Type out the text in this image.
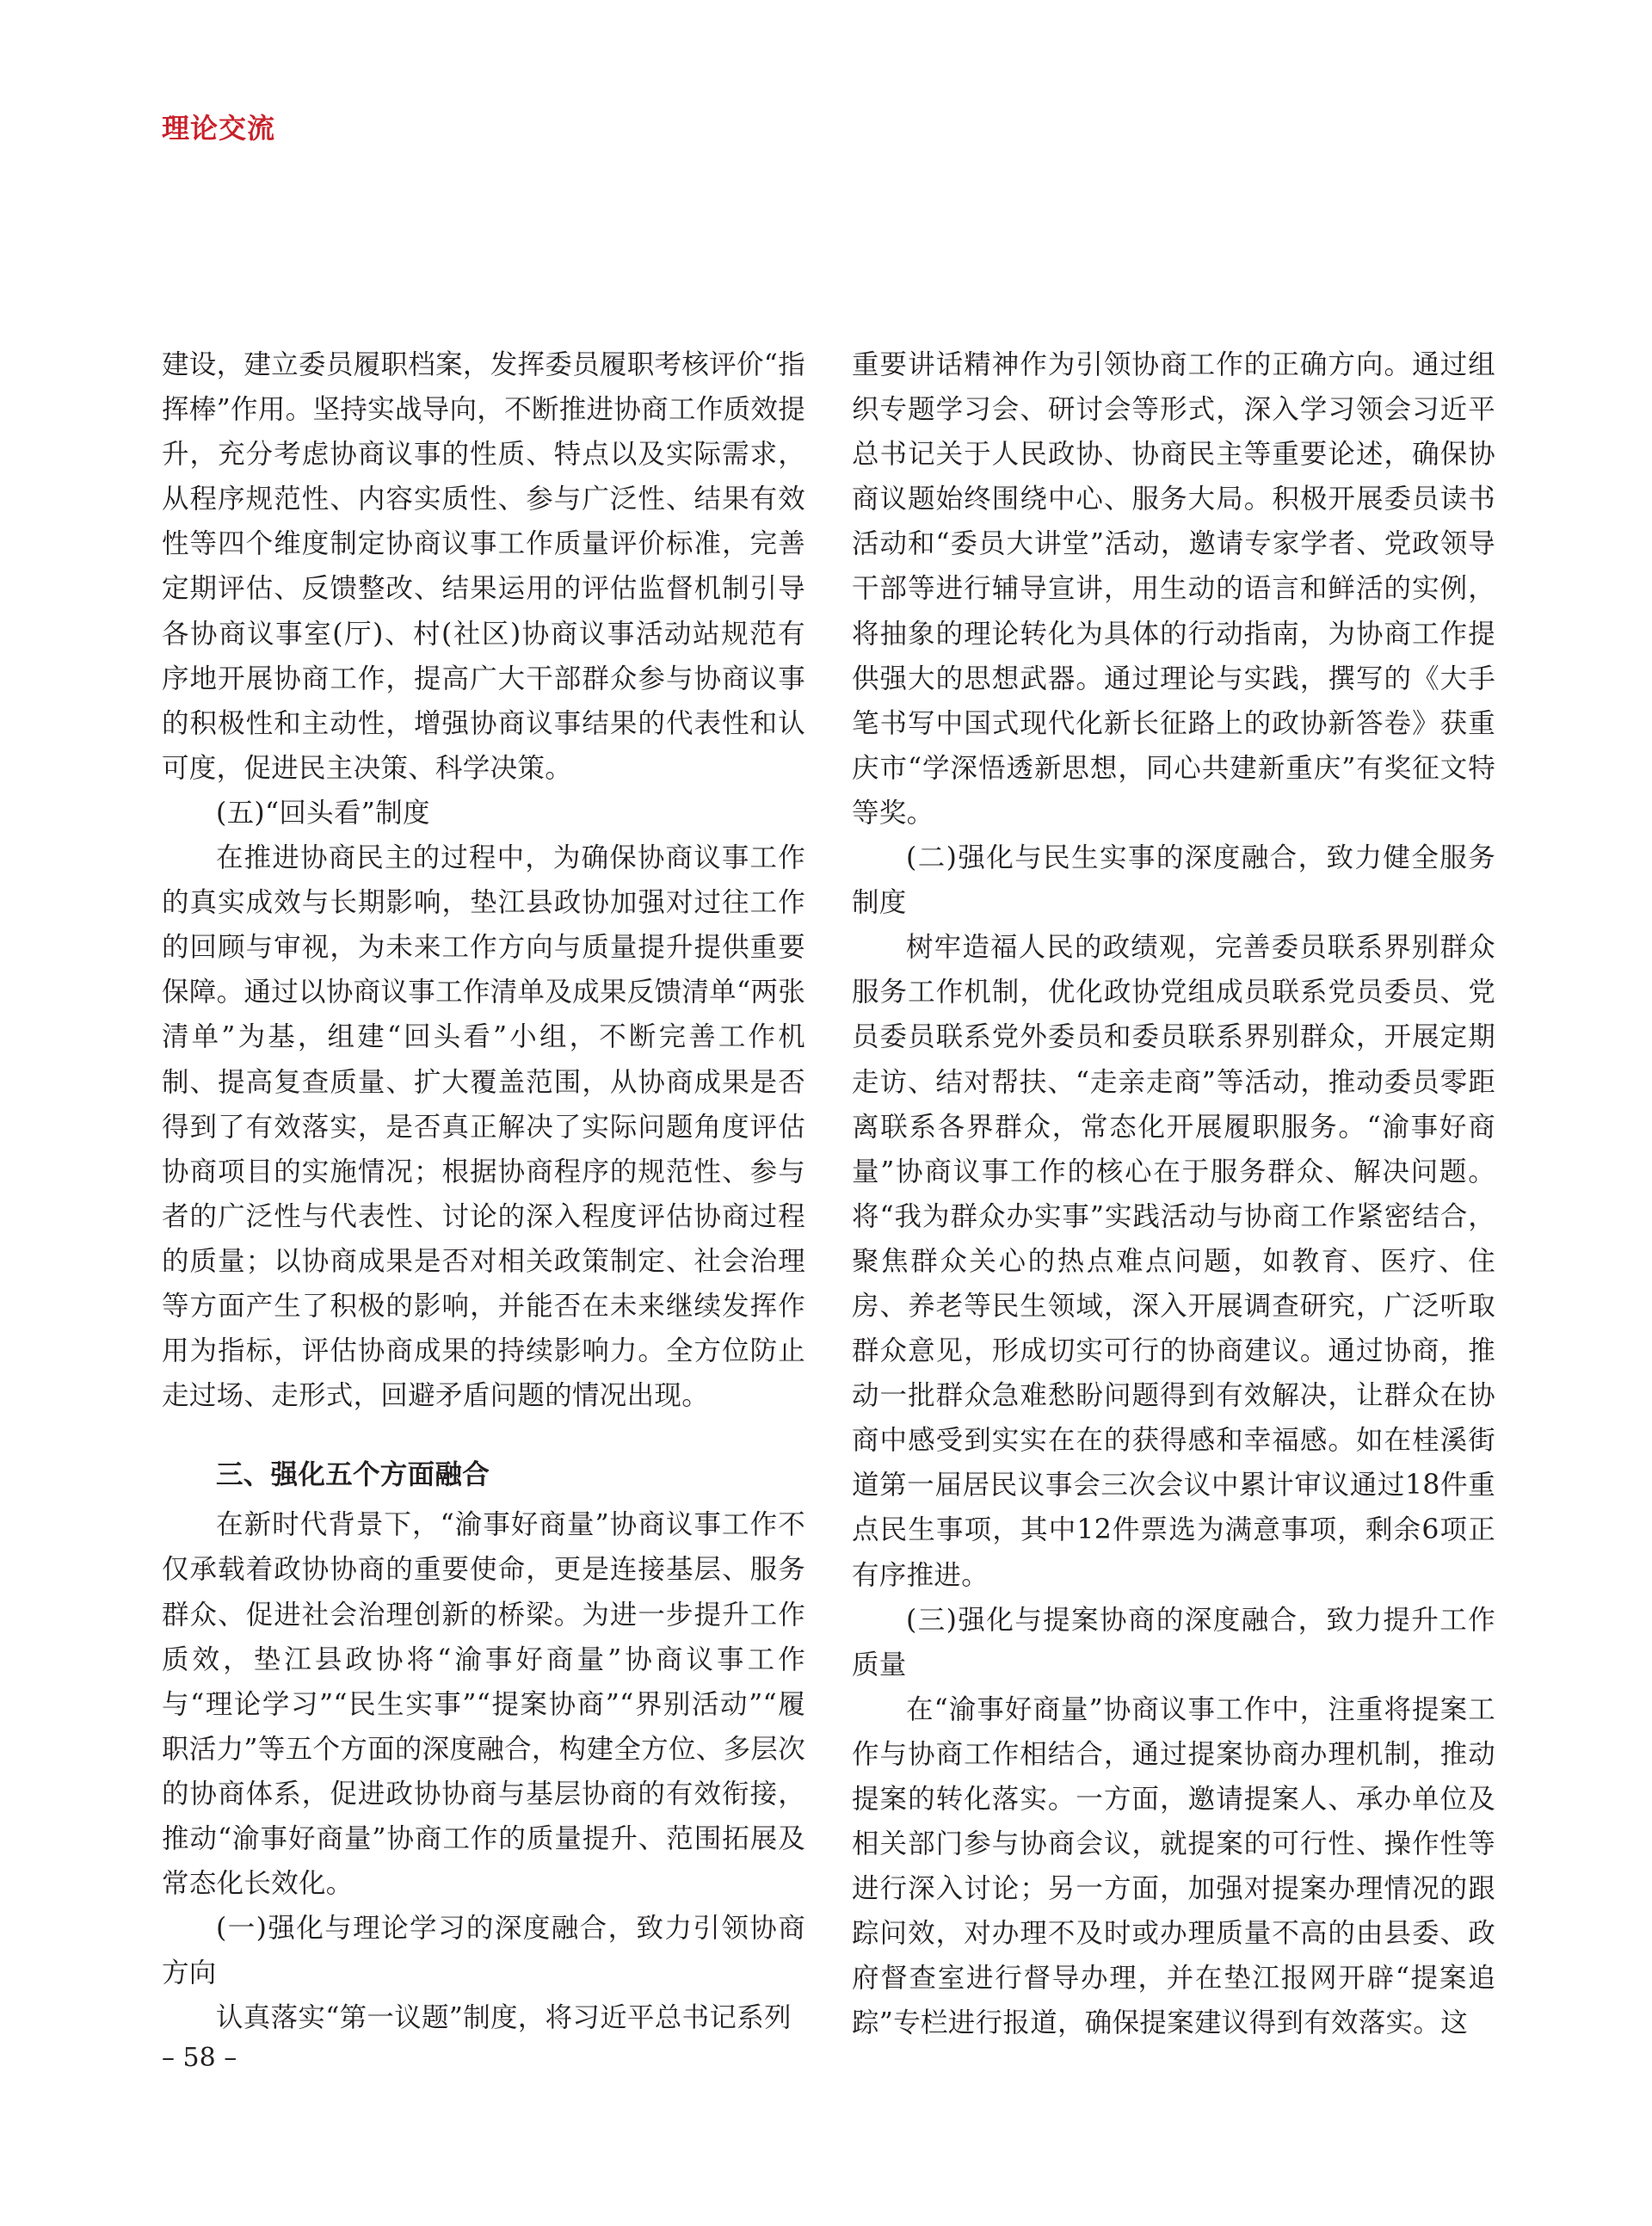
理论交流

建设，建立委员履职档案，发挥委员履职考核评价“指挥棒”作用。坚持实战导向，不断推进协商工作质效提升，充分考虑协商议事的性质、特点以及实际需求，从程序规范性、内容实质性、参与广泛性、结果有效性等四个维度制定协商议事工作质量评价标准，完善定期评估、反馈整改、结果运用的评估监督机制引导各协商议事室(厅)、村(社区)协商议事活动站规范有序地开展协商工作，提高广大干部群众参与协商议事的积极性和主动性，增强协商议事结果的代表性和认可度，促进民主决策、科学决策。

(五)“回头看”制度

在推进协商民主的过程中，为确保协商议事工作的真实成效与长期影响，垫江县政协加强对过往工作的回顾与审视，为未来工作方向与质量提升提供重要保障。通过以协商议事工作清单及成果反馈清单“两张清单”为基，组建“回头看”小组，不断完善工作机制、提高复查质量、扩大覆盖范围，从协商成果是否得到了有效落实，是否真正解决了实际问题角度评估协商项目的实施情况；根据协商程序的规范性、参与者的广泛性与代表性、讨论的深入程度评估协商过程的质量；以协商成果是否对相关政策制定、社会治理等方面产生了积极的影响，并能否在未来继续发挥作用为指标，评估协商成果的持续影响力。全方位防止走过场、走形式，回避矛盾问题的情况出现。

三、强化五个方面融合

在新时代背景下，“渝事好商量”协商议事工作不仅承载着政协协商的重要使命，更是连接基层、服务群众、促进社会治理创新的桥梁。为进一步提升工作质效，垫江县政协将“渝事好商量”协商议事工作与“理论学习”“民生实事”“提案协商”“界别活动”“履职活力”等五个方面的深度融合，构建全方位、多层次的协商体系，促进政协协商与基层协商的有效衔接，推动“渝事好商量”协商工作的质量提升、范围拓展及常态化长效化。

(一)强化与理论学习的深度融合，致力引领协商方向

认真落实“第一议题”制度，将习近平总书记系列

重要讲话精神作为引领协商工作的正确方向。通过组织专题学习会、研讨会等形式，深入学习领会习近平总书记关于人民政协、协商民主等重要论述，确保协商议题始终围绕中心、服务大局。积极开展委员读书活动和“委员大讲堂”活动，邀请专家学者、党政领导干部等进行辅导宣讲，用生动的语言和鲜活的实例，将抽象的理论转化为具体的行动指南，为协商工作提供强大的思想武器。通过理论与实践，撰写的《大手笔书写中国式现代化新长征路上的政协新答卷》获重庆市“学深悟透新思想，同心共建新重庆”有奖征文特等奖。

(二)强化与民生实事的深度融合，致力健全服务制度

树牢造福人民的政绩观，完善委员联系界别群众服务工作机制，优化政协党组成员联系党员委员、党员委员联系党外委员和委员联系界别群众，开展定期走访、结对帮扶、“走亲走商”等活动，推动委员零距离联系各界群众，常态化开展履职服务。“渝事好商量”协商议事工作的核心在于服务群众、解决问题。将“我为群众办实事”实践活动与协商工作紧密结合，聚焦群众关心的热点难点问题，如教育、医疗、住房、养老等民生领域，深入开展调查研究，广泛听取群众意见，形成切实可行的协商建议。通过协商，推动一批群众急难愁盼问题得到有效解决，让群众在协商中感受到实实在在的获得感和幸福感。如在桂溪街道第一届居民议事会三次会议中累计审议通过18件重点民生事项，其中12件票选为满意事项，剩余6项正有序推进。

(三)强化与提案协商的深度融合，致力提升工作质量

在“渝事好商量”协商议事工作中，注重将提案工作与协商工作相结合，通过提案协商办理机制，推动提案的转化落实。一方面，邀请提案人、承办单位及相关部门参与协商会议，就提案的可行性、操作性等进行深入讨论；另一方面，加强对提案办理情况的跟踪问效，对办理不及时或办理质量不高的由县委、政府督查室进行督导办理，并在垫江报网开辟“提案追踪”专栏进行报道，确保提案建议得到有效落实。这

– 58 –
